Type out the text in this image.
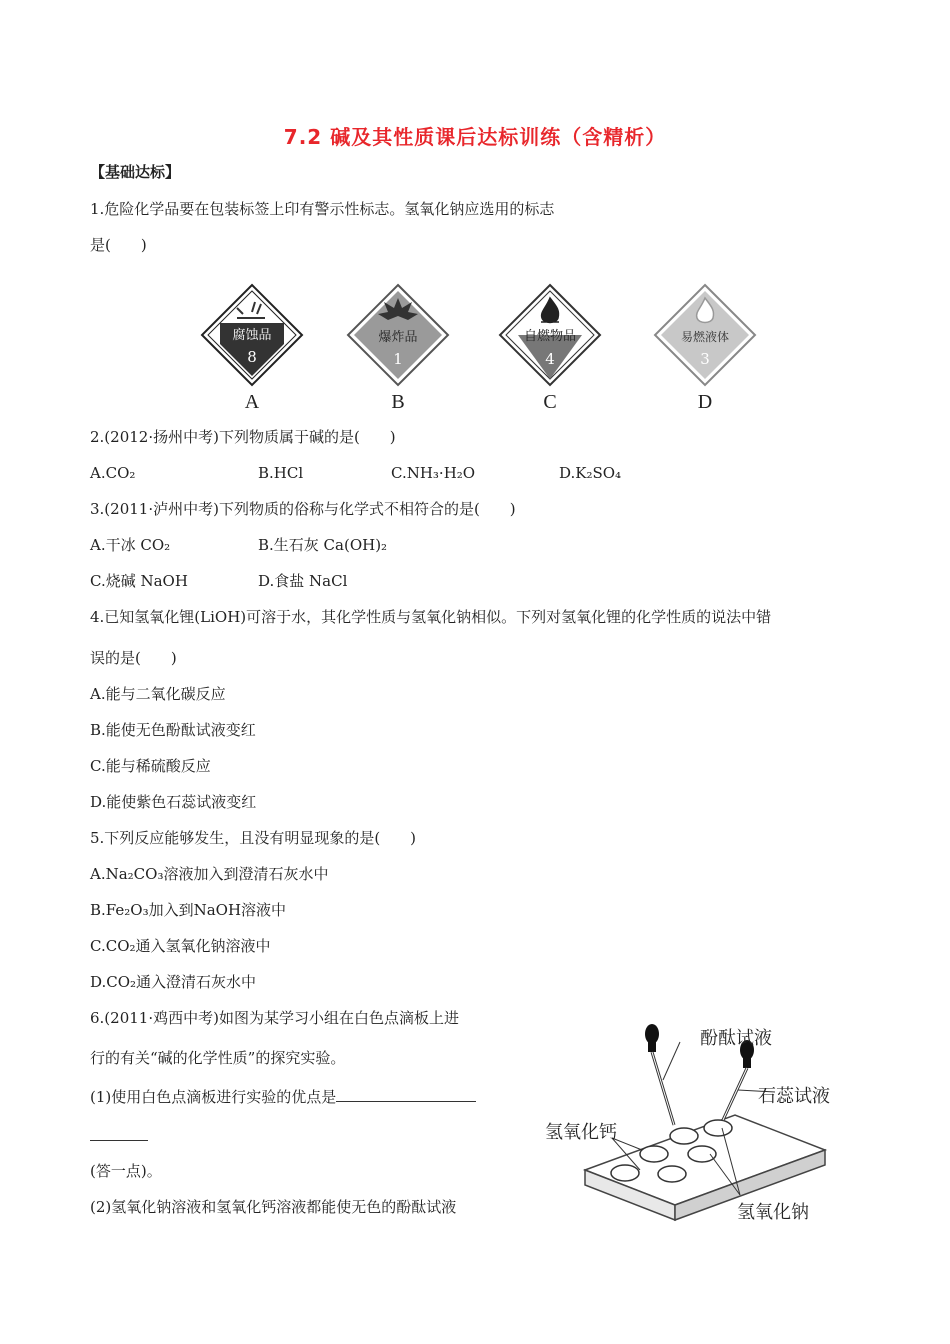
7.2 碱及其性质课后达标训练（含精析）
【基础达标】
1.危险化学品要在包装标签上印有警示性标志。氢氧化钠应选用的标志
是(　　)
腐蚀品
8
A
爆炸品
1
B
自燃物品
4
C
易燃液体
3
D
2.(2012·扬州中考)下列物质属于碱的是(　　)
A.CO₂	B.HCl	C.NH₃·H₂O	D.K₂SO₄
3.(2011·泸州中考)下列物质的俗称与化学式不相符合的是(　　)
A.干冰 CO₂	B.生石灰 Ca(OH)₂
C.烧碱 NaOH	D.食盐 NaCl
4.已知氢氧化锂(LiOH)可溶于水，其化学性质与氢氧化钠相似。下列对氢氧化锂的化学性质的说法中错
误的是(　　)
A.能与二氧化碳反应
B.能使无色酚酞试液变红
C.能与稀硫酸反应
D.能使紫色石蕊试液变红
5.下列反应能够发生，且没有明显现象的是(　　)
A.Na₂CO₃溶液加入到澄清石灰水中
B.Fe₂O₃加入到NaOH溶液中
C.CO₂通入氢氧化钠溶液中
D.CO₂通入澄清石灰水中
6.(2011·鸡西中考)如图为某学习小组在白色点滴板上进
行的有关“碱的化学性质”的探究实验。
(1)使用白色点滴板进行实验的优点是
(答一点)。
(2)氢氧化钠溶液和氢氧化钙溶液都能使无色的酚酞试液
酚酞试液
石蕊试液
氢氧化钙
氢氧化钠
